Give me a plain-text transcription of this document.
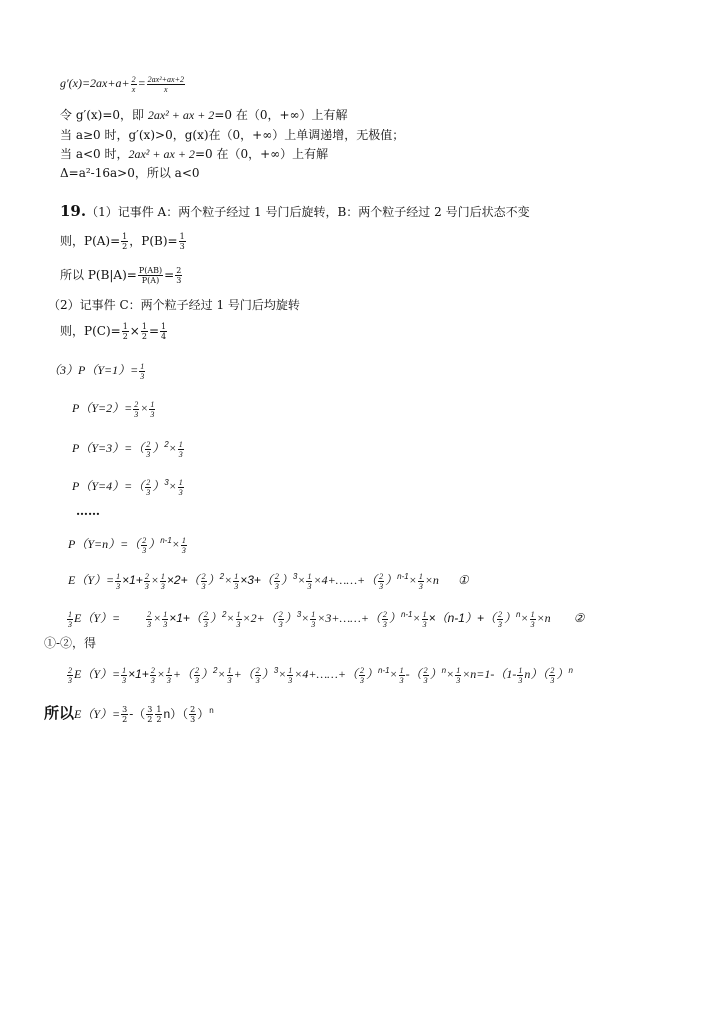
$g'(x)=2ax+a+ \frac{2}{x} = \frac{\text{2ax²+ax+2}}{x}$
令 g′(x)=0，即 2ax² + ax + 2=0 在（0，+∞）上有解
当 a≥0 时，g′(x)>0，g(x)在（0，+∞）上单调递增，无极值；
当 a<0 时，2ax² + ax + 2=0 在（0，+∞）上有解
Δ=a²-16a>0，所以 a<0
19.（1）记事件 A：两个粒子经过 1 号门后旋转，B：两个粒子经过 2 号门后状态不变
则，$P(A)= \frac{1}{2}$ ，$P(B)= \frac{1}{3}$
所以 $P(B|A)= \frac{P(AB)}{P(A)} = \frac{2}{3}$
（2）记事件 C：两个粒子经过 1 号门后均旋转
则，$P(C)= \frac{1}{2} \times \frac{1}{2} = \frac{1}{4}$
$(3)P(Y=1)= \frac{1}{3}$
$P(Y=2)= \frac{2}{3} \times \frac{1}{3}$
$P(Y=3)=( \frac{2}{3} )^2\times \frac{1}{3}$
$P(Y=4)=( \frac{2}{3} )^3\times \frac{1}{3}$
……
$P(Y=n)=( \frac{2}{3} )^{n-1}\times \frac{1}{3}$
$E(Y)= \frac{1}{3} \times 1+ \frac{2}{3} \times \frac{1}{3} \times 2+( \frac{2}{3} )^2\times \frac{1}{3} \times 3+( \frac{2}{3} )^3\times \frac{1}{3}$ ×4+……+（ $\frac{2}{3} )^{n-1}\times \frac{1}{3} \times n$ ①
$\frac{1}{3} E(Y)=$	$\frac{2}{3} \times \frac{1}{3} \times 1+( \frac{2}{3} )^2\times \frac{1}{3} \times 2+( \frac{2}{3} )^3\times \frac{1}{3}$ ×3+……+（ $\frac{2}{3} )^{n-1}\times \frac{1}{3} \times(n-1)+( \frac{2}{3} )^n\times \frac{1}{3} \times n$ ②
①-②，得
$\frac{2}{3} E(Y)= \frac{1}{3} \times 1+ \frac{2}{3} \times \frac{1}{3}$ +（ $\frac{2}{3} )^2\times \frac{1}{3}$ +（ $\frac{2}{3} )^3\times \frac{1}{3}$ ×4+……+（ $\frac{2}{3} )^{n-1}\times \frac{1}{3}$ -（ $\frac{2}{3} )^n\times \frac{1}{3} \times n=1-(1- \frac{1}{3} n)( \frac{2}{3} )^n$
所以$E(Y)= \frac{3}{2}$ -（ $\frac{3}{2} \frac{1}{2} n)( \frac{2}{3} )^n$
